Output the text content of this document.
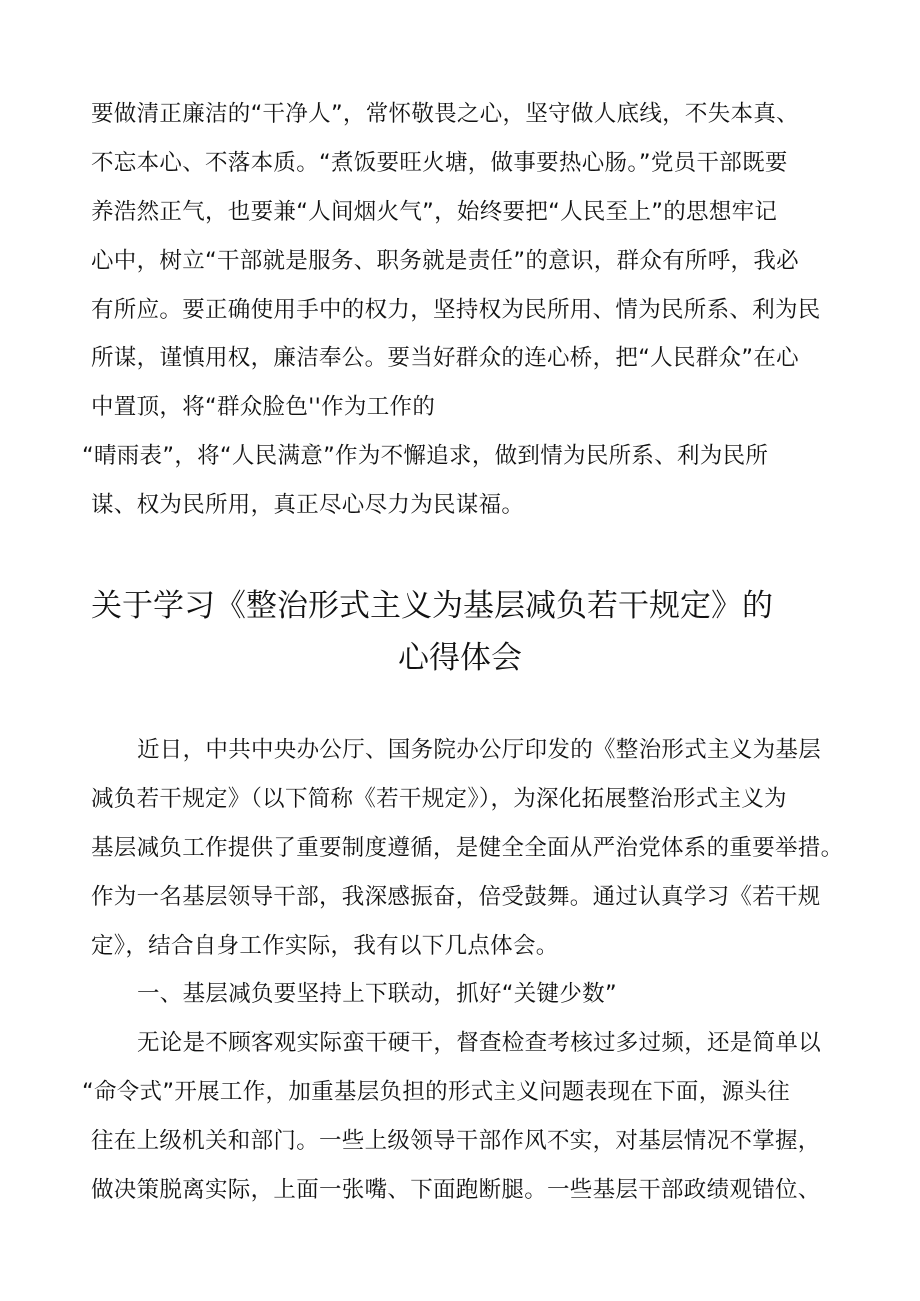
要做清正廉洁的“干净人”，常怀敬畏之心，坚守做人底线，不失本真、
不忘本心、不落本质。“煮饭要旺火塘，做事要热心肠。”党员干部既要
养浩然正气，也要兼“人间烟火气”，始终要把“人民至上”的思想牢记
心中，树立“干部就是服务、职务就是责任”的意识，群众有所呼，我必
有所应。要正确使用手中的权力，坚持权为民所用、情为民所系、利为民
所谋，谨慎用权，廉洁奉公。要当好群众的连心桥，把“人民群众”在心
中置顶，将“群众脸色''作为工作的
“晴雨表”，将“人民满意”作为不懈追求，做到情为民所系、利为民所
谋、权为民所用，真正尽心尽力为民谋福。
关于学习《整治形式主义为基层减负若干规定》的
心得体会
近日，中共中央办公厅、国务院办公厅印发的《整治形式主义为基层
减负若干规定》（以下简称《若干规定》），为深化拓展整治形式主义为
基层减负工作提供了重要制度遵循，是健全全面从严治党体系的重要举措。
作为一名基层领导干部，我深感振奋，倍受鼓舞。通过认真学习《若干规
定》，结合自身工作实际，我有以下几点体会。
一、基层减负要坚持上下联动，抓好“关键少数”
无论是不顾客观实际蛮干硬干，督查检查考核过多过频，还是简单以
“命令式”开展工作，加重基层负担的形式主义问题表现在下面，源头往
往在上级机关和部门。一些上级领导干部作风不实，对基层情况不掌握，
做决策脱离实际，上面一张嘴、下面跑断腿。一些基层干部政绩观错位、
